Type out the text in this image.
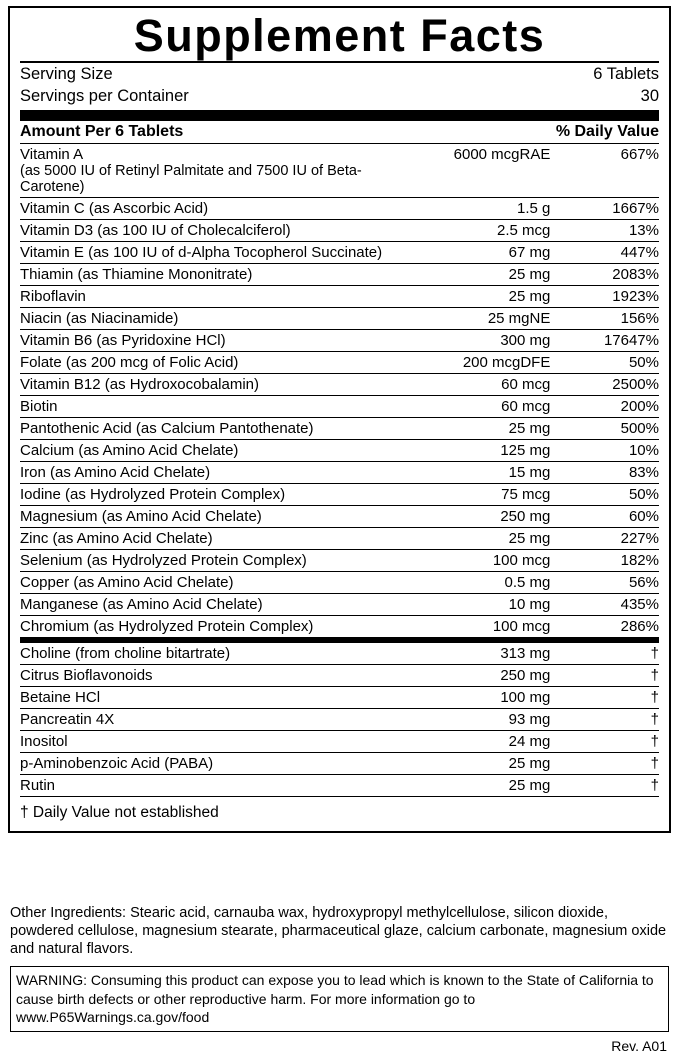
Supplement Facts
Serving Size	6 Tablets
Servings per Container	30
Amount Per 6 Tablets		% Daily Value
Vitamin A
(as 5000 IU of Retinyl Palmitate and 7500 IU of Beta-Carotene)	6000 mcgRAE	667%
Vitamin C (as Ascorbic Acid)	1.5 g	1667%
Vitamin D3 (as 100 IU of Cholecalciferol)	2.5 mcg	13%
Vitamin E (as 100 IU of d-Alpha Tocopherol Succinate)	67 mg	447%
Thiamin (as Thiamine Mononitrate)	25 mg	2083%
Riboflavin	25 mg	1923%
Niacin (as Niacinamide)	25 mgNE	156%
Vitamin B6 (as Pyridoxine HCl)	300 mg	17647%
Folate (as 200 mcg of Folic Acid)	200 mcgDFE	50%
Vitamin B12 (as Hydroxocobalamin)	60 mcg	2500%
Biotin	60 mcg	200%
Pantothenic Acid (as Calcium Pantothenate)	25 mg	500%
Calcium (as Amino Acid Chelate)	125 mg	10%
Iron (as Amino Acid Chelate)	15 mg	83%
Iodine (as Hydrolyzed Protein Complex)	75 mcg	50%
Magnesium (as Amino Acid Chelate)	250 mg	60%
Zinc (as Amino Acid Chelate)	25 mg	227%
Selenium (as Hydrolyzed Protein Complex)	100 mcg	182%
Copper (as Amino Acid Chelate)	0.5 mg	56%
Manganese (as Amino Acid Chelate)	10 mg	435%
Chromium (as Hydrolyzed Protein Complex)	100 mcg	286%
Choline (from choline bitartrate)	313 mg	†
Citrus Bioflavonoids	250 mg	†
Betaine HCl	100 mg	†
Pancreatin 4X	93 mg	†
Inositol	24 mg	†
p-Aminobenzoic Acid (PABA)	25 mg	†
Rutin	25 mg	†
† Daily Value not established
Other Ingredients: Stearic acid, carnauba wax, hydroxypropyl methylcellulose, silicon dioxide, powdered cellulose, magnesium stearate, pharmaceutical glaze, calcium carbonate, magnesium oxide and natural flavors.
WARNING: Consuming this product can expose you to lead which is known to the State of California to cause birth defects or other reproductive harm. For more information go to www.P65Warnings.ca.gov/food
Rev. A01
